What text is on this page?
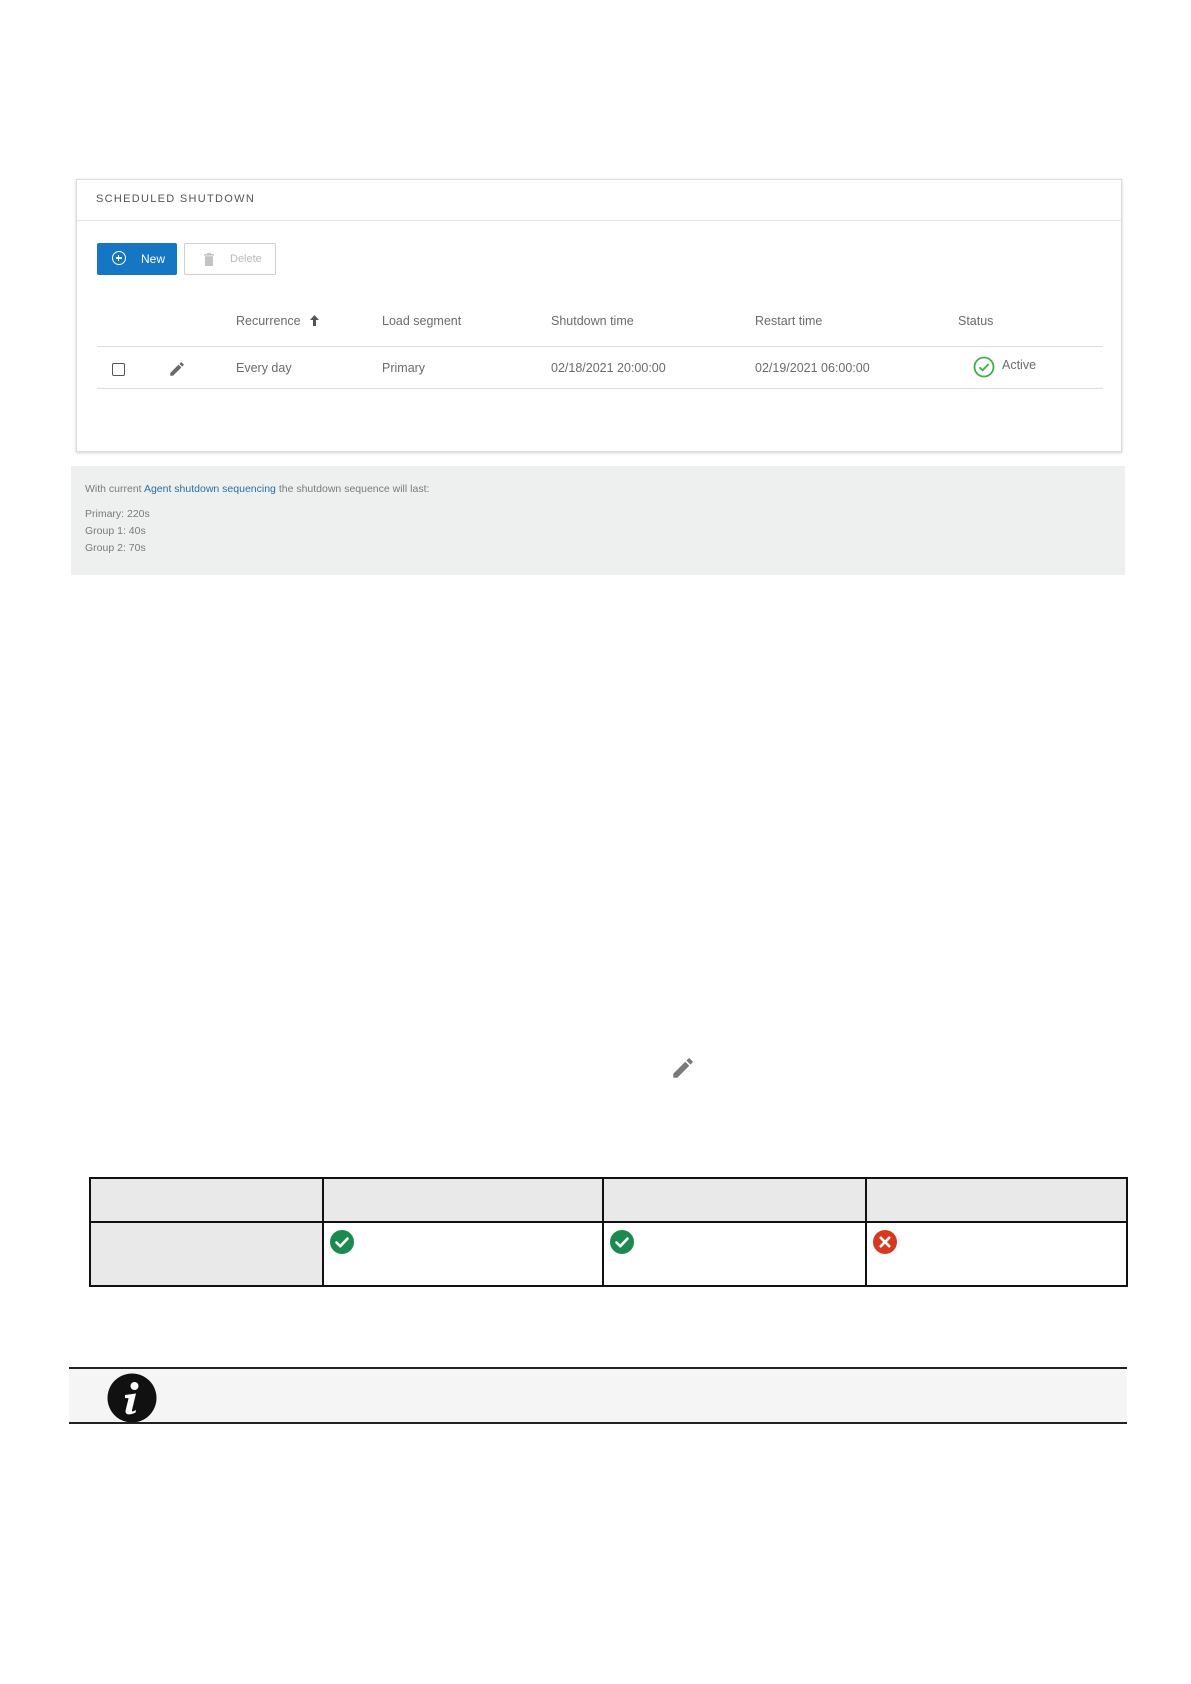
SCHEDULED SHUTDOWN
New	Delete
Recurrence	Load segment	Shutdown time	Restart time	Status
Every day	Primary	02/18/2021 20:00:00	02/19/2021 06:00:00	Active
With current Agent shutdown sequencing the shutdown sequence will last:
Primary: 220s
Group 1: 40s
Group 2: 70s
